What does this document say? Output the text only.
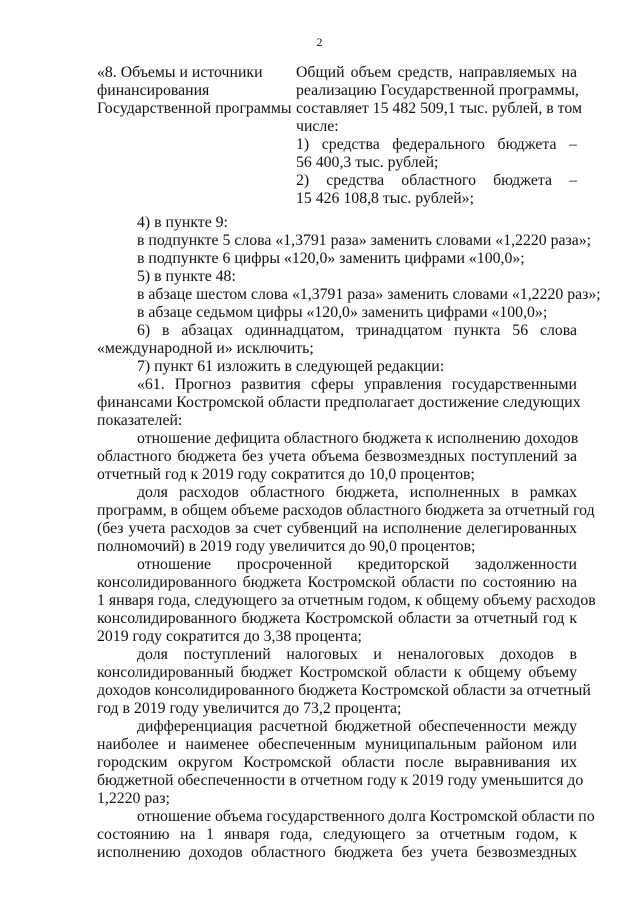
2

«8. Объемы и источники

финансирования

Государственной программы

Общий объем средств, направляемых на

реализацию Государственной программы,

составляет 15 482 509,1 тыс. рублей, в том

числе:

1) средства федерального бюджета –

56 400,3 тыс. рублей;

2) средства областного бюджета –

15 426 108,8 тыс. рублей»;

4) в пункте 9:

в подпункте 5 слова «1,3791 раза» заменить словами «1,2220 раза»;

в подпункте 6 цифры «120,0» заменить цифрами «100,0»;

5) в пункте 48:

в абзаце шестом слова «1,3791 раза» заменить словами «1,2220 раз»;

в абзаце седьмом цифры «120,0» заменить цифрами «100,0»;

6) в абзацах одиннадцатом, тринадцатом пункта 56 слова

«международной и» исключить;

7) пункт 61 изложить в следующей редакции:

«61. Прогноз развития сферы управления государственными

финансами Костромской области предполагает достижение следующих

показателей:

отношение дефицита областного бюджета к исполнению доходов

областного бюджета без учета объема безвозмездных поступлений за

отчетный год к 2019 году сократится до 10,0 процентов;

доля расходов областного бюджета, исполненных в рамках

программ, в общем объеме расходов областного бюджета за отчетный год

(без учета расходов за счет субвенций на исполнение делегированных

полномочий) в 2019 году увеличится до 90,0 процентов;

отношение просроченной кредиторской задолженности

консолидированного бюджета Костромской области по состоянию на

1 января года, следующего за отчетным годом, к общему объему расходов

консолидированного бюджета Костромской области за отчетный год к

2019 году сократится до 3,38 процента;

доля поступлений налоговых и неналоговых доходов в

консолидированный бюджет Костромской области к общему объему

доходов консолидированного бюджета Костромской области за отчетный

год в 2019 году увеличится до 73,2 процента;

дифференциация расчетной бюджетной обеспеченности между

наиболее и наименее обеспеченным муниципальным районом или

городским округом Костромской области после выравнивания их

бюджетной обеспеченности в отчетном году к 2019 году уменьшится до

1,2220 раз;

отношение объема государственного долга Костромской области по

состоянию на 1 января года, следующего за отчетным годом, к

исполнению доходов областного бюджета без учета безвозмездных
